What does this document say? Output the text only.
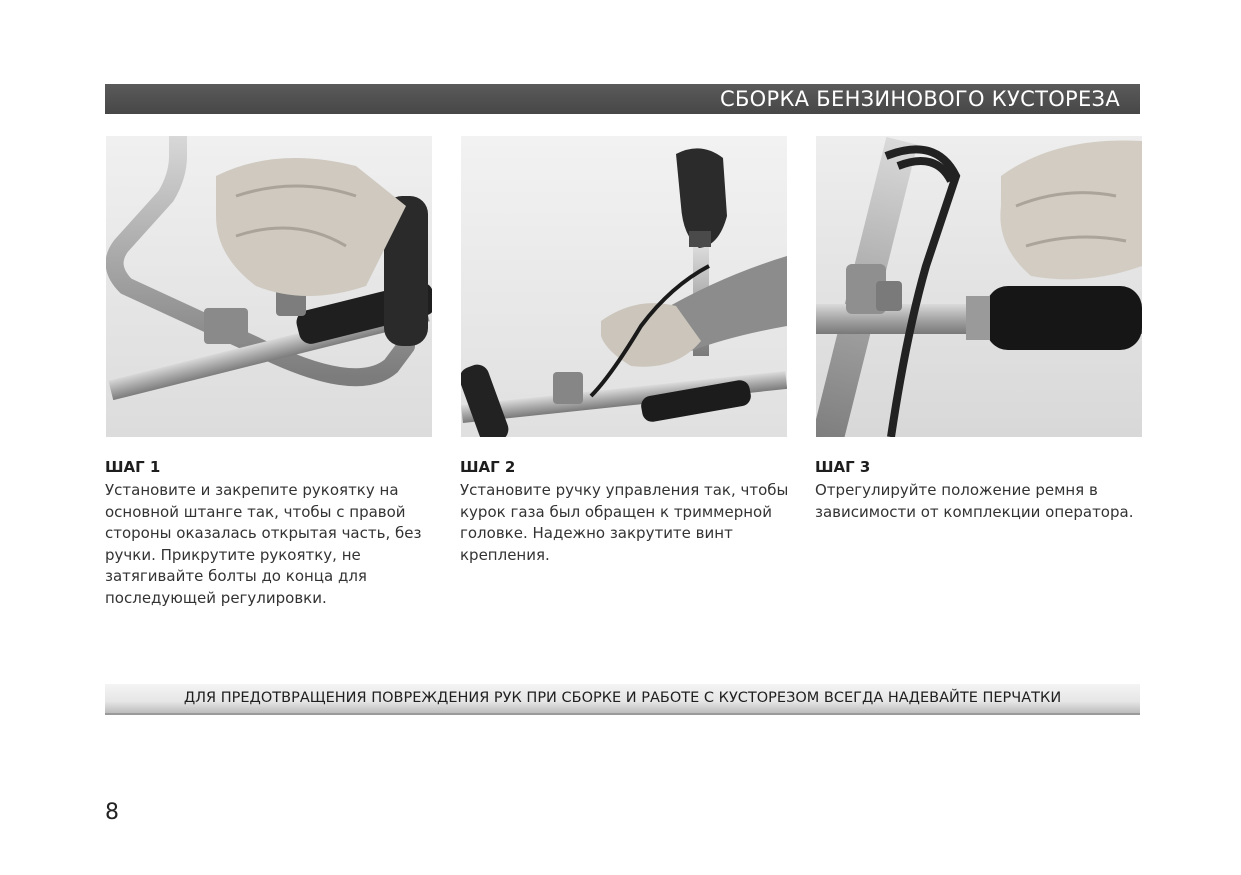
СБОРКА БЕНЗИНОВОГО КУСТОРЕЗА

ШАГ 1

Установите и закрепите рукоятку на
основной штанге так, чтобы с правой
стороны оказалась открытая часть, без
ручки. Прикрутите рукоятку, не
затягивайте болты до конца для
последующей регулировки.

ШАГ 2

Установите ручку управления так, чтобы
курок газа был обращен к триммерной
головке. Надежно закрутите винт
крепления.

ШАГ 3

Отрегулируйте положение ремня в
зависимости от комплекции оператора.

ДЛЯ ПРЕДОТВРАЩЕНИЯ ПОВРЕЖДЕНИЯ РУК ПРИ СБОРКЕ И РАБОТЕ С КУСТОРЕЗОМ ВСЕГДА НАДЕВАЙТЕ ПЕРЧАТКИ
8
